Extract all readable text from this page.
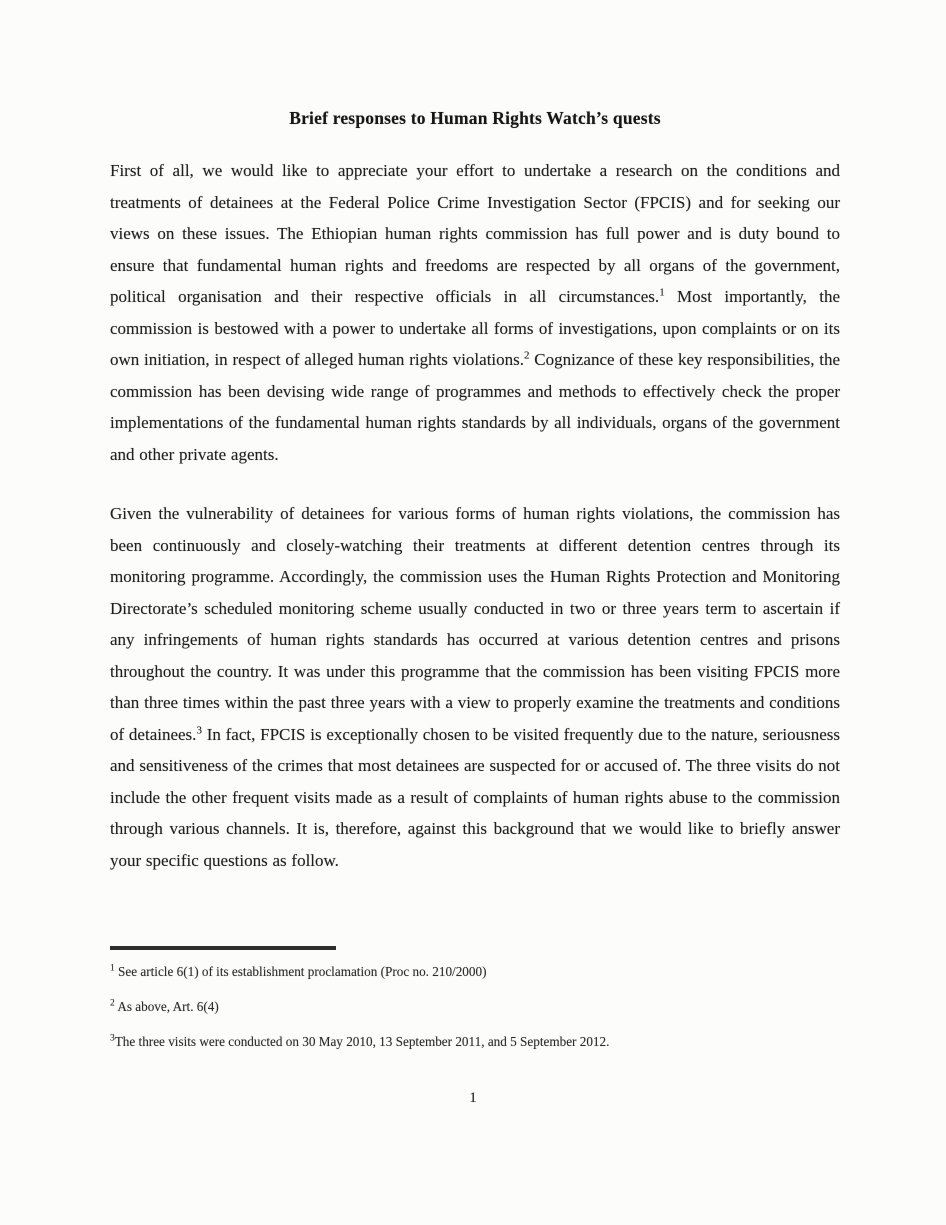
Brief responses to Human Rights Watch’s quests

First of all, we would like to appreciate your effort to undertake a research on the conditions and treatments of detainees at the Federal Police Crime Investigation Sector (FPCIS) and for seeking our views on these issues. The Ethiopian human rights commission has full power and is duty bound to ensure that fundamental human rights and freedoms are respected by all organs of the government, political organisation and their respective officials in all circumstances.$^1$ Most importantly, the commission is bestowed with a power to undertake all forms of investigations, upon complaints or on its own initiation, in respect of alleged human rights violations.$^2$ Cognizance of these key responsibilities, the commission has been devising wide range of programmes and methods to effectively check the proper implementations of the fundamental human rights standards by all individuals, organs of the government and other private agents.

Given the vulnerability of detainees for various forms of human rights violations, the commission has been continuously and closely-watching their treatments at different detention centres through its monitoring programme. Accordingly, the commission uses the Human Rights Protection and Monitoring Directorate’s scheduled monitoring scheme usually conducted in two or three years term to ascertain if any infringements of human rights standards has occurred at various detention centres and prisons throughout the country. It was under this programme that the commission has been visiting FPCIS more than three times within the past three years with a view to properly examine the treatments and conditions of detainees.$^3$ In fact, FPCIS is exceptionally chosen to be visited frequently due to the nature, seriousness and sensitiveness of the crimes that most detainees are suspected for or accused of. The three visits do not include the other frequent visits made as a result of complaints of human rights abuse to the commission through various channels. It is, therefore, against this background that we would like to briefly answer your specific questions as follow.

$^1$ See article 6(1) of its establishment proclamation (Proc no. 210/2000)
$^2$ As above, Art. 6(4)
$^3$The three visits were conducted on 30 May 2010, 13 September 2011, and 5 September 2012.
1
